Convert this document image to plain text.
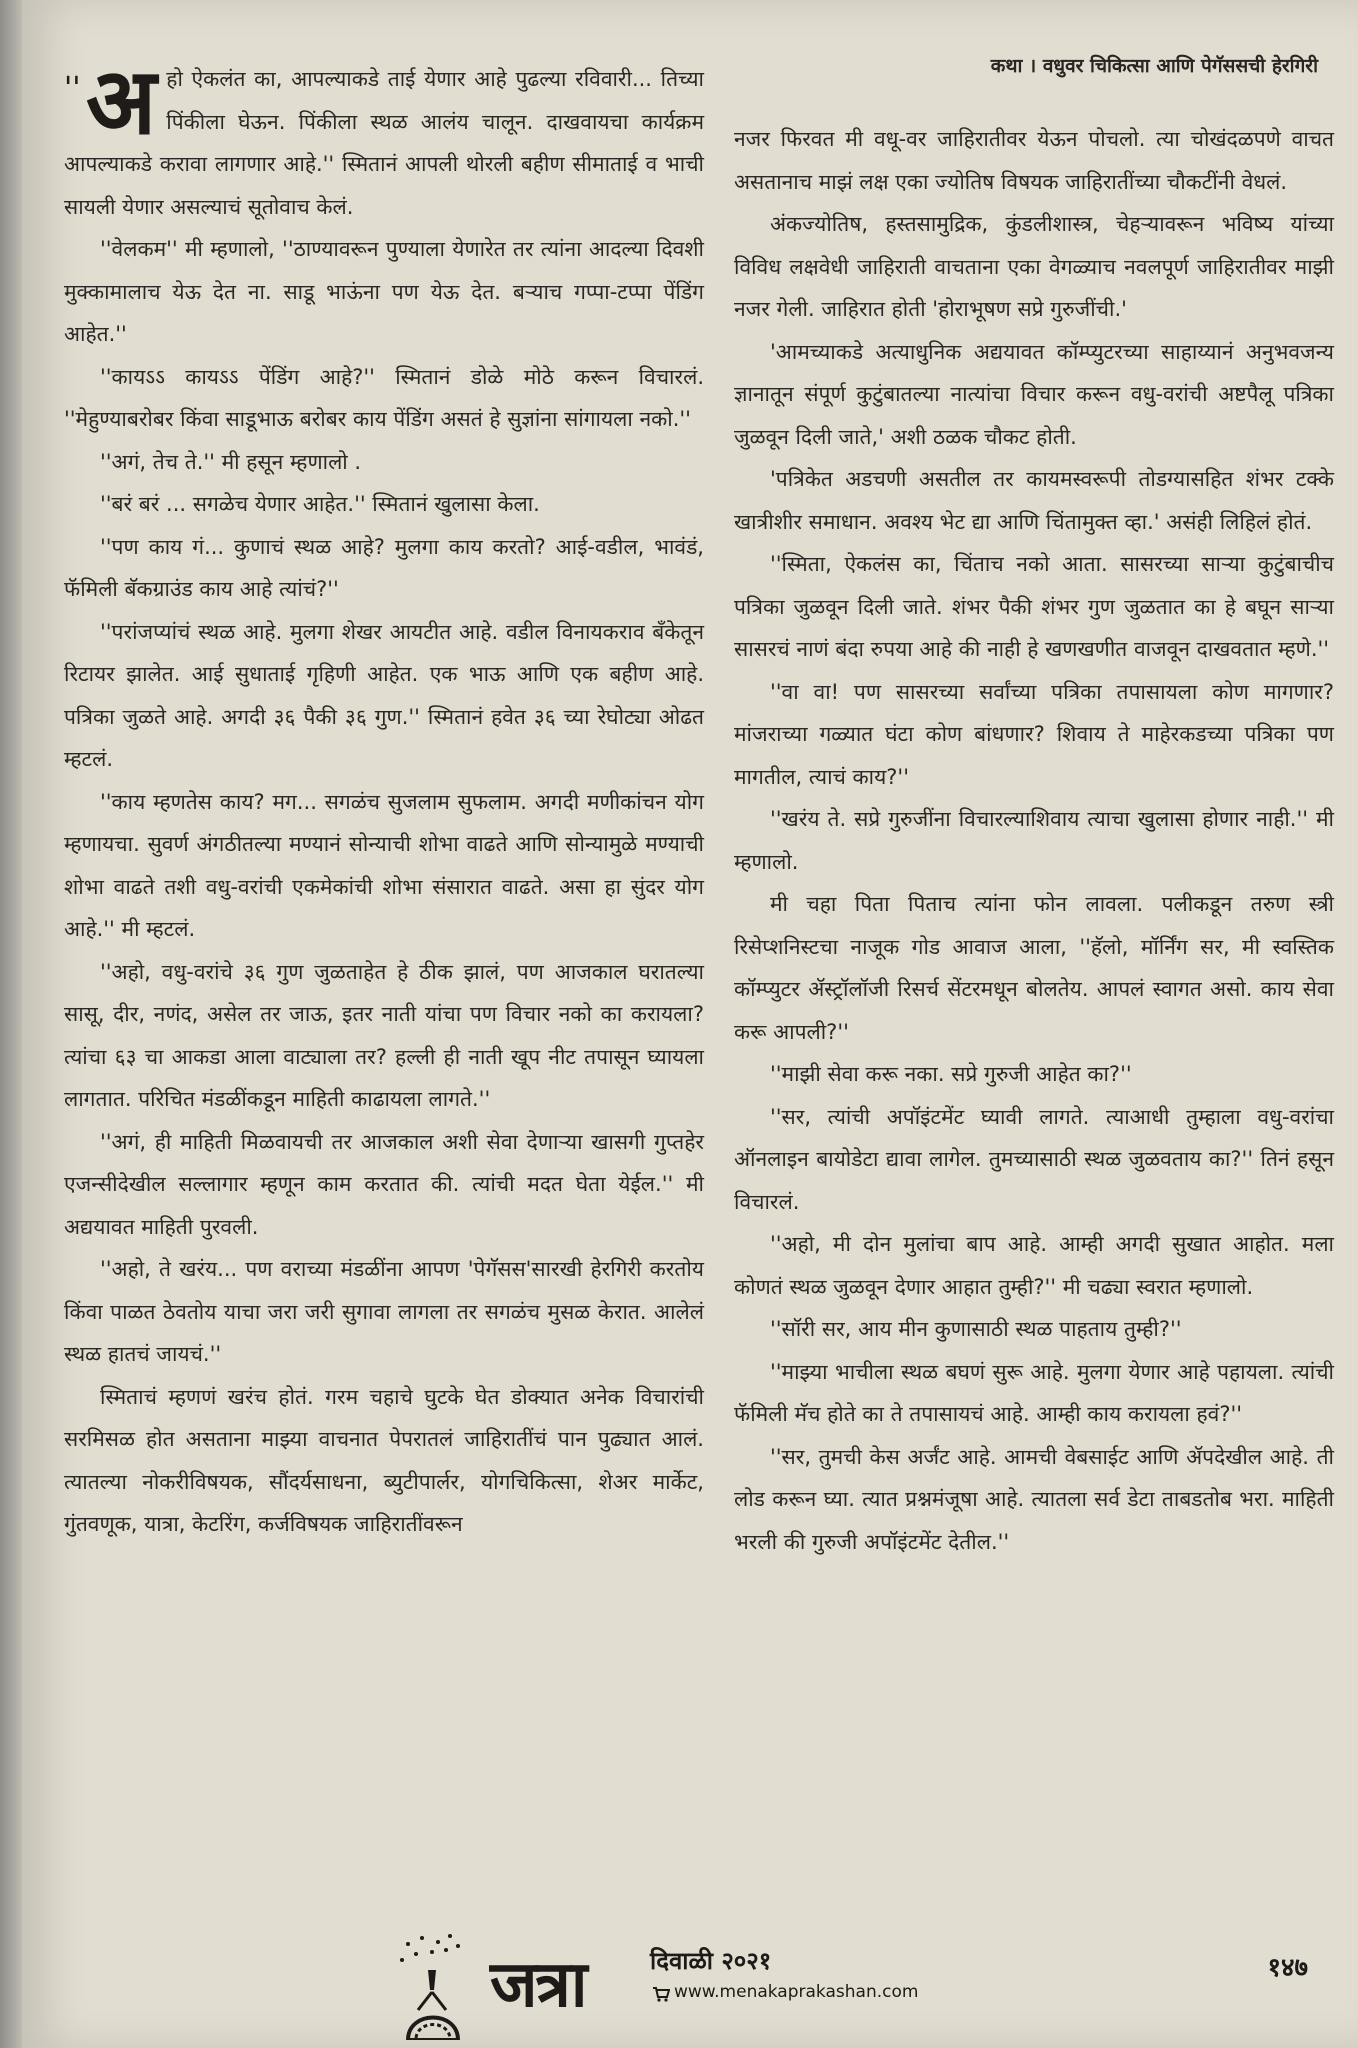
कथा । वधुवर चिकित्सा आणि पेगॅससची हेरगिरी
'' अ हो ऐकलंत का, आपल्याकडे ताई येणार आहे पुढल्या रविवारी... तिच्या पिंकीला घेऊन. पिंकीला स्थळ आलंय चालून. दाखवायचा कार्यक्रम आपल्याकडे करावा लागणार आहे.'' स्मितानं आपली थोरली बहीण सीमाताई व भाची सायली येणार असल्याचं सूतोवाच केलं.

''वेलकम'' मी म्हणालो, ''ठाण्यावरून पुण्याला येणारेत तर त्यांना आदल्या दिवशी मुक्कामालाच येऊ देत ना. साडू भाऊंना पण येऊ देत. बऱ्याच गप्पा-टप्पा पेंडिंग आहेत.''

''कायऽऽ कायऽऽ पेंडिंग आहे?'' स्मितानं डोळे मोठे करून विचारलं. ''मेहुण्याबरोबर किंवा साडूभाऊ बरोबर काय पेंडिंग असतं हे सुज्ञांना सांगायला नको.''

''अगं, तेच ते.'' मी हसून म्हणालो .

''बरं बरं ... सगळेच येणार आहेत.'' स्मितानं खुलासा केला.

''पण काय गं... कुणाचं स्थळ आहे? मुलगा काय करतो? आई-वडील, भावंडं, फॅमिली बॅकग्राउंड काय आहे त्यांचं?''

''परांजप्यांचं स्थळ आहे. मुलगा शेखर आयटीत आहे. वडील विनायकराव बँकेतून रिटायर झालेत. आई सुधाताई गृहिणी आहेत. एक भाऊ आणि एक बहीण आहे. पत्रिका जुळते आहे. अगदी ३६ पैकी ३६ गुण.'' स्मितानं हवेत ३६ च्या रेघोट्या ओढत म्हटलं.

''काय म्हणतेस काय? मग... सगळंच सुजलाम सुफलाम. अगदी मणीकांचन योग म्हणायचा. सुवर्ण अंगठीतल्या मण्यानं सोन्याची शोभा वाढते आणि सोन्यामुळे मण्याची शोभा वाढते तशी वधु-वरांची एकमेकांची शोभा संसारात वाढते. असा हा सुंदर योग आहे.'' मी म्हटलं.

''अहो, वधु-वरांचे ३६ गुण जुळताहेत हे ठीक झालं, पण आजकाल घरातल्या सासू, दीर, नणंद, असेल तर जाऊ, इतर नाती यांचा पण विचार नको का करायला? त्यांचा ६३ चा आकडा आला वाट्याला तर? हल्ली ही नाती खूप नीट तपासून घ्यायला लागतात. परिचित मंडळींकडून माहिती काढायला लागते.''

''अगं, ही माहिती मिळवायची तर आजकाल अशी सेवा देणाऱ्या खासगी गुप्तहेर एजन्सीदेखील सल्लागार म्हणून काम करतात की. त्यांची मदत घेता येईल.'' मी अद्ययावत माहिती पुरवली.

''अहो, ते खरंय... पण वराच्या मंडळींना आपण 'पेगॅसस'सारखी हेरगिरी करतोय किंवा पाळत ठेवतोय याचा जरा जरी सुगावा लागला तर सगळंच मुसळ केरात. आलेलं स्थळ हातचं जायचं.''

स्मिताचं म्हणणं खरंच होतं. गरम चहाचे घुटके घेत डोक्यात अनेक विचारांची सरमिसळ होत असताना माझ्या वाचनात पेपरातलं जाहिरातींचं पान पुढ्यात आलं. त्यातल्या नोकरीविषयक, सौंदर्यसाधना, ब्युटीपार्लर, योगचिकित्सा, शेअर मार्केट, गुंतवणूक, यात्रा, केटरिंग, कर्जविषयक जाहिरातींवरून

नजर फिरवत मी वधू-वर जाहिरातीवर येऊन पोचलो. त्या चोखंदळपणे वाचत असतानाच माझं लक्ष एका ज्योतिष विषयक जाहिरातींच्या चौकटींनी वेधलं.

अंकज्योतिष, हस्तसामुद्रिक, कुंडलीशास्त्र, चेहऱ्यावरून भविष्य यांच्या विविध लक्षवेधी जाहिराती वाचताना एका वेगळ्याच नवलपूर्ण जाहिरातीवर माझी नजर गेली. जाहिरात होती 'होराभूषण सप्रे गुरुजींची.'

'आमच्याकडे अत्याधुनिक अद्ययावत कॉम्प्युटरच्या साहाय्यानं अनुभवजन्य ज्ञानातून संपूर्ण कुटुंबातल्या नात्यांचा विचार करून वधु-वरांची अष्टपैलू पत्रिका जुळवून दिली जाते,' अशी ठळक चौकट होती.

'पत्रिकेत अडचणी असतील तर कायमस्वरूपी तोडग्यासहित शंभर टक्के खात्रीशीर समाधान. अवश्य भेट द्या आणि चिंतामुक्त व्हा.' असंही लिहिलं होतं.

''स्मिता, ऐकलंस का, चिंताच नको आता. सासरच्या साऱ्या कुटुंबाचीच पत्रिका जुळवून दिली जाते. शंभर पैकी शंभर गुण जुळतात का हे बघून साऱ्या सासरचं नाणं बंदा रुपया आहे की नाही हे खणखणीत वाजवून दाखवतात म्हणे.''

''वा वा! पण सासरच्या सर्वांच्या पत्रिका तपासायला कोण मागणार? मांजराच्या गळ्यात घंटा कोण बांधणार? शिवाय ते माहेरकडच्या पत्रिका पण मागतील, त्याचं काय?''

''खरंय ते. सप्रे गुरुजींना विचारल्याशिवाय त्याचा खुलासा होणार नाही.'' मी म्हणालो.

मी चहा पिता पिताच त्यांना फोन लावला. पलीकडून तरुण स्त्री रिसेप्शनिस्टचा नाजूक गोड आवाज आला, ''हॅलो, मॉर्निंग सर, मी स्वस्तिक कॉम्प्युटर ॲस्ट्रॉलॉजी रिसर्च सेंटरमधून बोलतेय. आपलं स्वागत असो. काय सेवा करू आपली?''

''माझी सेवा करू नका. सप्रे गुरुजी आहेत का?''

''सर, त्यांची अपॉइंटमेंट घ्यावी लागते. त्याआधी तुम्हाला वधु-वरांचा ऑनलाइन बायोडेटा द्यावा लागेल. तुमच्यासाठी स्थळ जुळवताय का?'' तिनं हसून विचारलं.

''अहो, मी दोन मुलांचा बाप आहे. आम्ही अगदी सुखात आहोत. मला कोणतं स्थळ जुळवून देणार आहात तुम्ही?'' मी चढ्या स्वरात म्हणालो.

''सॉरी सर, आय मीन कुणासाठी स्थळ पाहताय तुम्ही?''

''माझ्या भाचीला स्थळ बघणं सुरू आहे. मुलगा येणार आहे पहायला. त्यांची फॅमिली मॅच होते का ते तपासायचं आहे. आम्ही काय करायला हवं?''

''सर, तुमची केस अर्जंट आहे. आमची वेबसाईट आणि ॲपदेखील आहे. ती लोड करून घ्या. त्यात प्रश्नमंजूषा आहे. त्यातला सर्व डेटा ताबडतोब भरा. माहिती भरली की गुरुजी अपॉइंटमेंट देतील.''

जत्रा	दिवाळी २०२१
www.menakaprakashan.com
१४७
